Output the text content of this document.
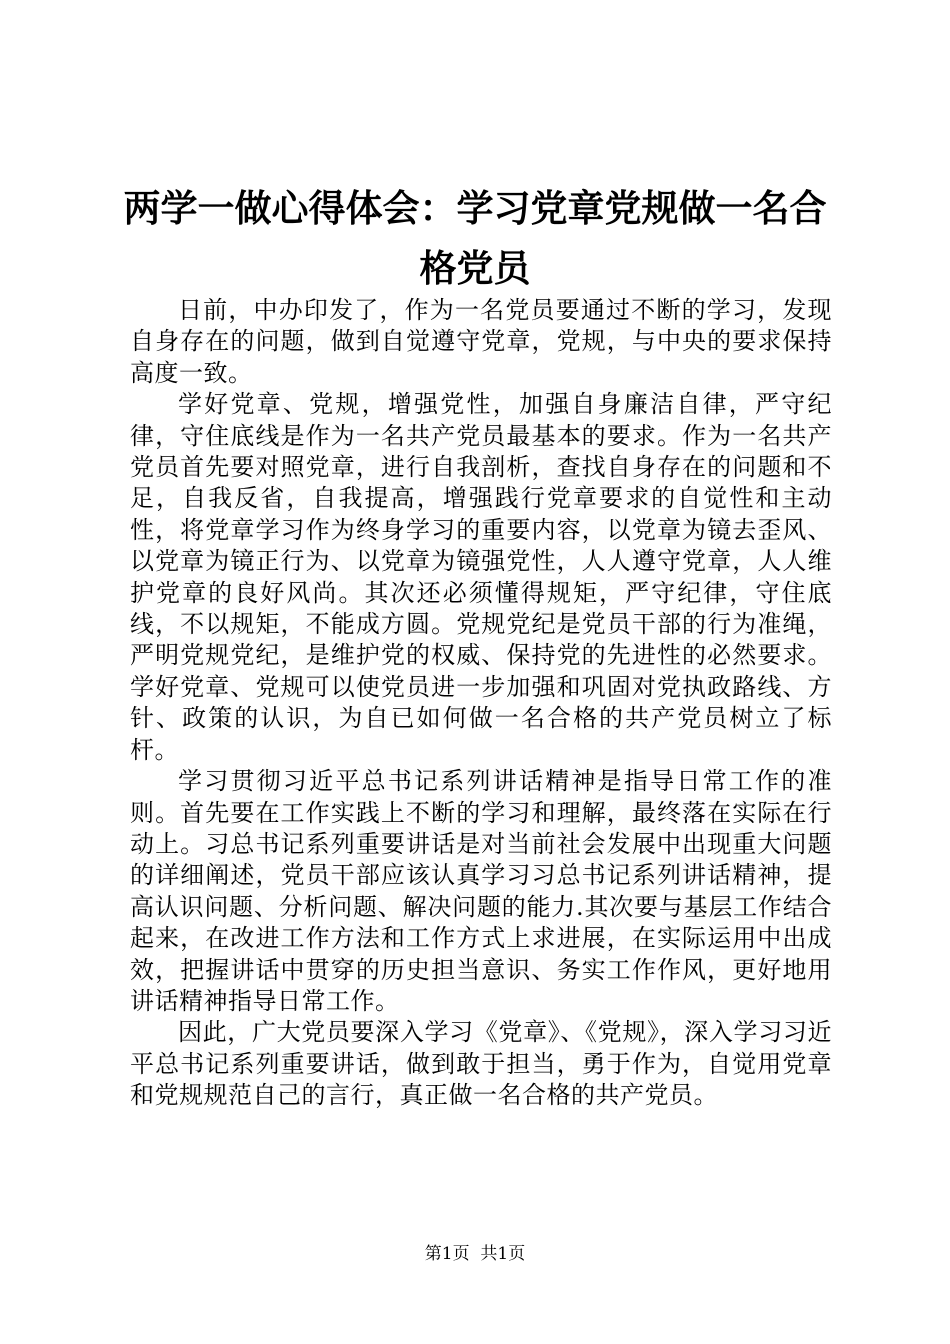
两学一做心得体会：学习党章党规做一名合格党员

日前，中办印发了，作为一名党员要通过不断的学习，发现自身存在的问题，做到自觉遵守党章，党规，与中央的要求保持高度一致。

学好党章、党规，增强党性，加强自身廉洁自律，严守纪律，守住底线是作为一名共产党员最基本的要求。作为一名共产党员首先要对照党章，进行自我剖析，查找自身存在的问题和不足，自我反省，自我提高，增强践行党章要求的自觉性和主动性，将党章学习作为终身学习的重要内容，以党章为镜去歪风、以党章为镜正行为、以党章为镜强党性，人人遵守党章，人人维护党章的良好风尚。其次还必须懂得规矩，严守纪律，守住底线，不以规矩，不能成方圆。党规党纪是党员干部的行为准绳，严明党规党纪，是维护党的权威、保持党的先进性的必然要求。学好党章、党规可以使党员进一步加强和巩固对党执政路线、方针、政策的认识，为自已如何做一名合格的共产党员树立了标杆。

学习贯彻习近平总书记系列讲话精神是指导日常工作的准则。首先要在工作实践上不断的学习和理解，最终落在实际在行动上。习总书记系列重要讲话是对当前社会发展中出现重大问题的详细阐述，党员干部应该认真学习习总书记系列讲话精神，提高认识问题、分析问题、解决问题的能力.其次要与基层工作结合起来，在改进工作方法和工作方式上求进展，在实际运用中出成效，把握讲话中贯穿的历史担当意识、务实工作作风，更好地用讲话精神指导日常工作。

因此，广大党员要深入学习《党章》、《党规》，深入学习习近平总书记系列重要讲话，做到敢于担当，勇于作为，自觉用党章和党规规范自己的言行，真正做一名合格的共产党员。

第1页  共1页
